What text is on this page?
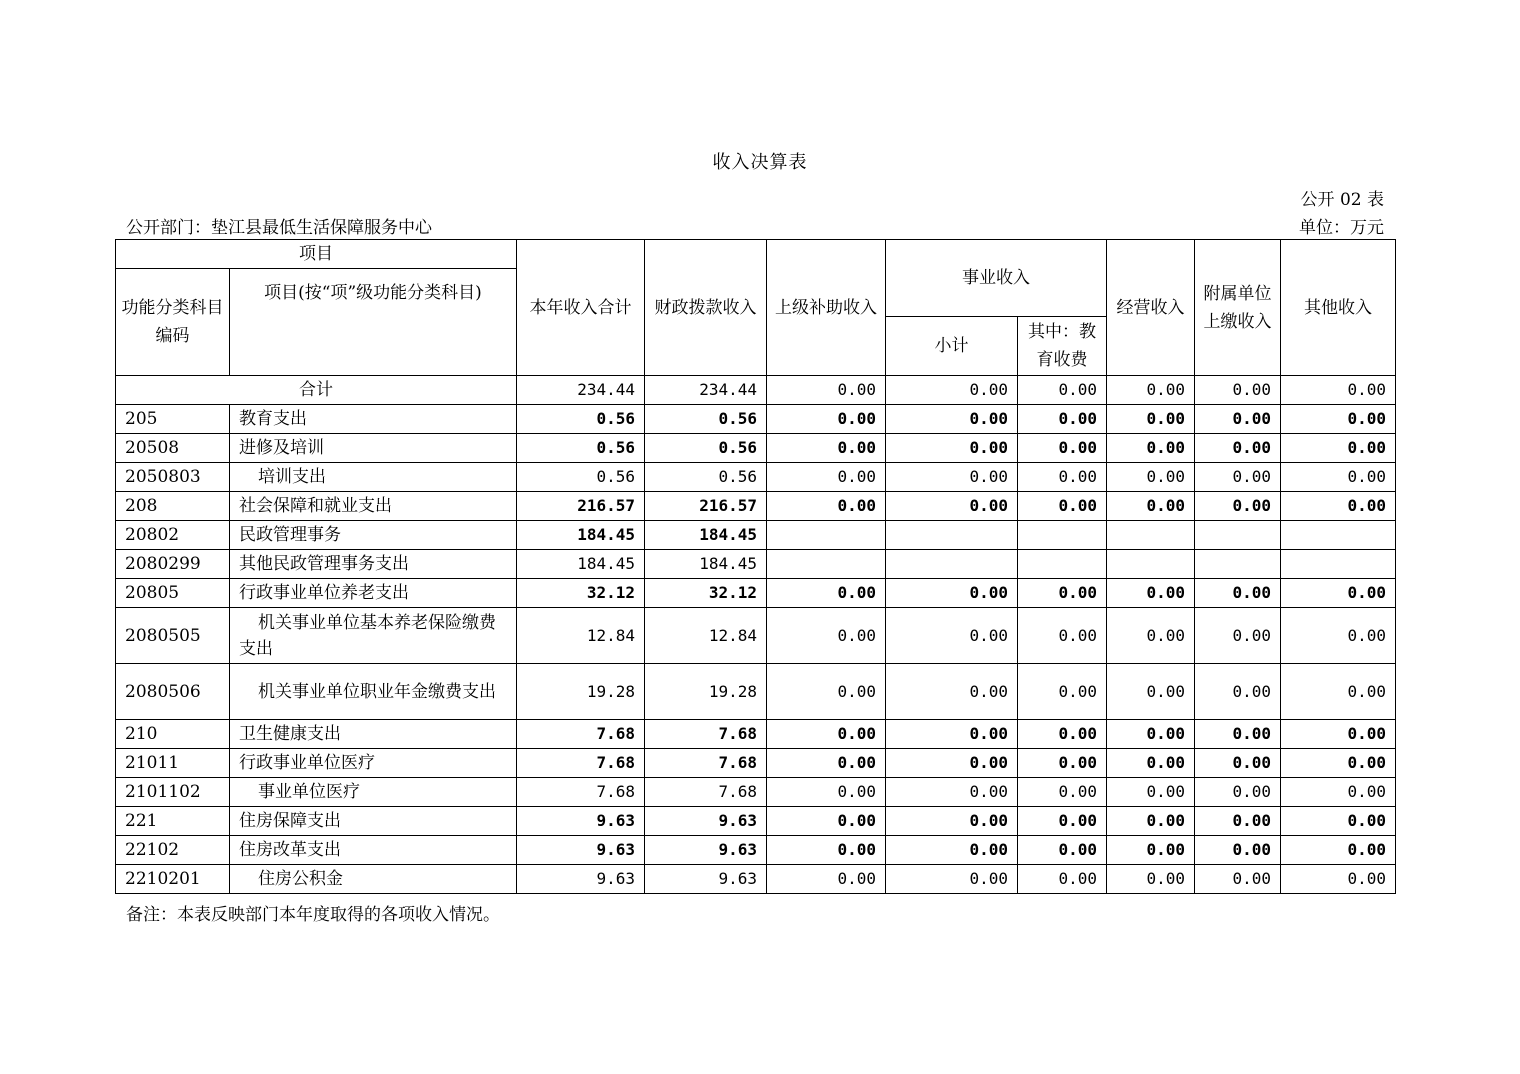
收入决算表
公开 02 表
公开部门：垫江县最低生活保障服务中心	单位：万元
项目		本年收入合计	财政拨款收入	上级补助收入	事业收入		经营收入	附属单位上缴收入	其他收入
功能分类科目编码	项目(按“项”级功能分类科目)								
					小计	其中：教育收费			
合计		234.44	234.44	0.00	0.00	0.00	0.00	0.00	0.00
205	教育支出	0.56	0.56	0.00	0.00	0.00	0.00	0.00	0.00
20508	进修及培训	0.56	0.56	0.00	0.00	0.00	0.00	0.00	0.00
2050803	培训支出	0.56	0.56	0.00	0.00	0.00	0.00	0.00	0.00
208	社会保障和就业支出	216.57	216.57	0.00	0.00	0.00	0.00	0.00	0.00
20802	民政管理事务	184.45	184.45						
2080299	其他民政管理事务支出	184.45	184.45						
20805	行政事业单位养老支出	32.12	32.12	0.00	0.00	0.00	0.00	0.00	0.00
2080505	机关事业单位基本养老保险缴费支出	12.84	12.84	0.00	0.00	0.00	0.00	0.00	0.00
2080506	机关事业单位职业年金缴费支出	19.28	19.28	0.00	0.00	0.00	0.00	0.00	0.00
210	卫生健康支出	7.68	7.68	0.00	0.00	0.00	0.00	0.00	0.00
21011	行政事业单位医疗	7.68	7.68	0.00	0.00	0.00	0.00	0.00	0.00
2101102	事业单位医疗	7.68	7.68	0.00	0.00	0.00	0.00	0.00	0.00
221	住房保障支出	9.63	9.63	0.00	0.00	0.00	0.00	0.00	0.00
22102	住房改革支出	9.63	9.63	0.00	0.00	0.00	0.00	0.00	0.00
2210201	住房公积金	9.63	9.63	0.00	0.00	0.00	0.00	0.00	0.00
备注：本表反映部门本年度取得的各项收入情况。
